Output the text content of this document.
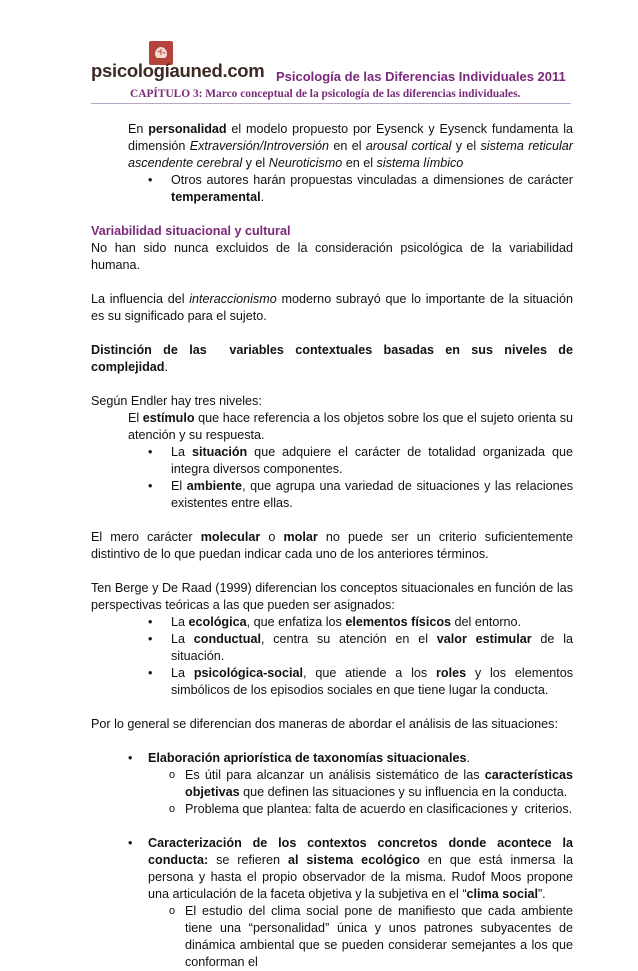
psicologíauned.com Psicología de las Diferencias Individuales 2011
CAPÍTULO 3: Marco conceptual de la psicología de las diferencias individuales.

En personalidad el modelo propuesto por Eysenck y Eysenck fundamenta la dimensión Extraversión/Introversión en el arousal cortical y el sistema reticular ascendente cerebral y el Neuroticismo en el sistema límbico

• Otros autores harán propuestas vinculadas a dimensiones de carácter temperamental.

Variabilidad situacional y cultural

No han sido nunca excluidos de la consideración psicológica de la variabilidad humana.

La influencia del interaccionismo moderno subrayó que lo importante de la situación es su significado para el sujeto.

Distinción de las  variables contextuales basadas en sus niveles de complejidad.

Según Endler hay tres niveles:

El estímulo que hace referencia a los objetos sobre los que el sujeto orienta su atención y su respuesta.

• La situación que adquiere el carácter de totalidad organizada que integra diversos componentes.
• El ambiente, que agrupa una variedad de situaciones y las relaciones existentes entre ellas.

El mero carácter molecular o molar no puede ser un criterio suficientemente distintivo de lo que puedan indicar cada uno de los anteriores términos.

Ten Berge y De Raad (1999) diferencian los conceptos situacionales en función de las perspectivas teóricas a las que pueden ser asignados:

• La ecológica, que enfatiza los elementos físicos del entorno.
• La conductual, centra su atención en el valor estimular de la situación.
• La psicológica-social, que atiende a los roles y los elementos simbólicos de los episodios sociales en que tiene lugar la conducta.

Por lo general se diferencian dos maneras de abordar el análisis de las situaciones:

• Elaboración apriorística de taxonomías situacionales.
o Es útil para alcanzar un análisis sistemático de las características objetivas que definen las situaciones y su influencia en la conducta.
o Problema que plantea: falta de acuerdo en clasificaciones y  criterios.
• Caracterización de los contextos concretos donde acontece la conducta: se refieren al sistema ecológico en que está inmersa la persona y hasta el propio observador de la misma. Rudof Moos propone una articulación de la faceta objetiva y la subjetiva en el “clima social”.
o El estudio del clima social pone de manifiesto que cada ambiente tiene una “personalidad” única y unos patrones subyacentes de dinámica ambiental que se pueden considerar semejantes a los que conforman el
